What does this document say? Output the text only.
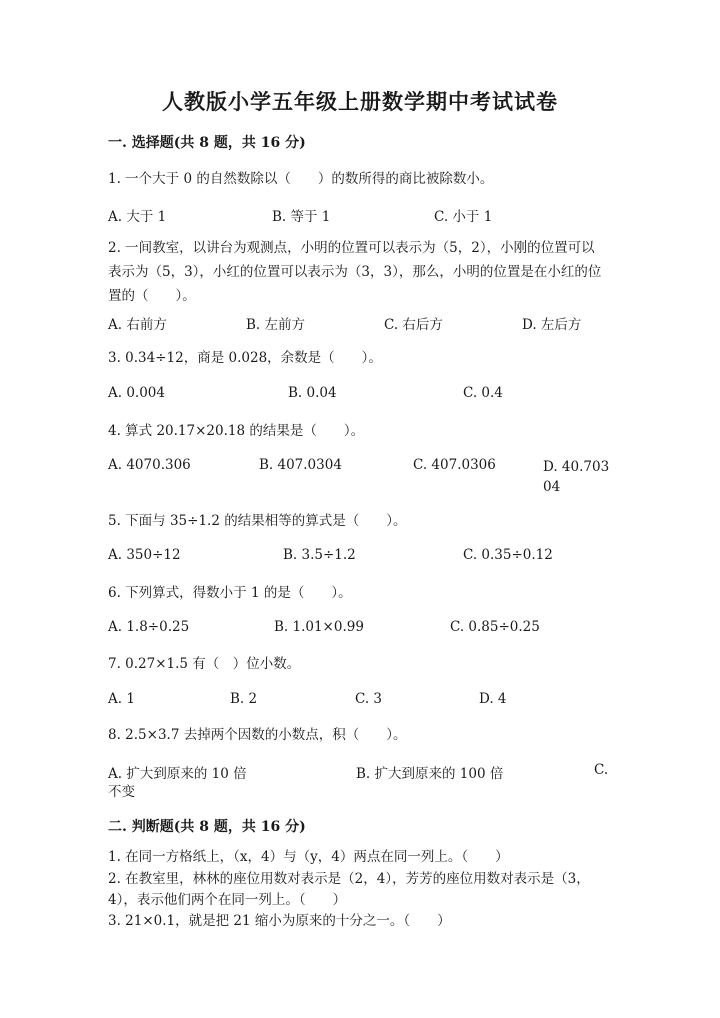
人教版小学五年级上册数学期中考试试卷
一. 选择题(共 8 题，共 16 分)
1. 一个大于 0 的自然数除以（　　）的数所得的商比被除数小。
A. 大于 1	B. 等于 1	C. 小于 1
2. 一间教室，以讲台为观测点，小明的位置可以表示为（5，2），小刚的位置可以表示为（5，3），小红的位置可以表示为（3，3），那么，小明的位置是在小红的位置的（　　）。
A. 右前方	B. 左前方	C. 右后方	D. 左后方
3. 0.34÷12，商是 0.028，余数是（　　）。
A. 0.004	B. 0.04	C. 0.4
4. 算式 20.17×20.18 的结果是（　　）。
A. 4070.306	B. 407.0304	C. 407.0306	D. 40.70304
5. 下面与 35÷1.2 的结果相等的算式是（　　）。
A. 350÷12	B. 3.5÷1.2	C. 0.35÷0.12
6. 下列算式，得数小于 1 的是（　　）。
A. 1.8÷0.25	B. 1.01×0.99	C. 0.85÷0.25
7. 0.27×1.5 有（　）位小数。
A. 1	B. 2	C. 3	D. 4
8. 2.5×3.7 去掉两个因数的小数点，积（　　）。
A. 扩大到原来的 10 倍	B. 扩大到原来的 100 倍	C.
不变
二. 判断题(共 8 题，共 16 分)
1. 在同一方格纸上，（x，4）与（y，4）两点在同一列上。（　　）
2. 在教室里，林林的座位用数对表示是（2，4），芳芳的座位用数对表示是（3，4），表示他们两个在同一列上。（　　）
3. 21×0.1，就是把 21 缩小为原来的十分之一。（　　）
